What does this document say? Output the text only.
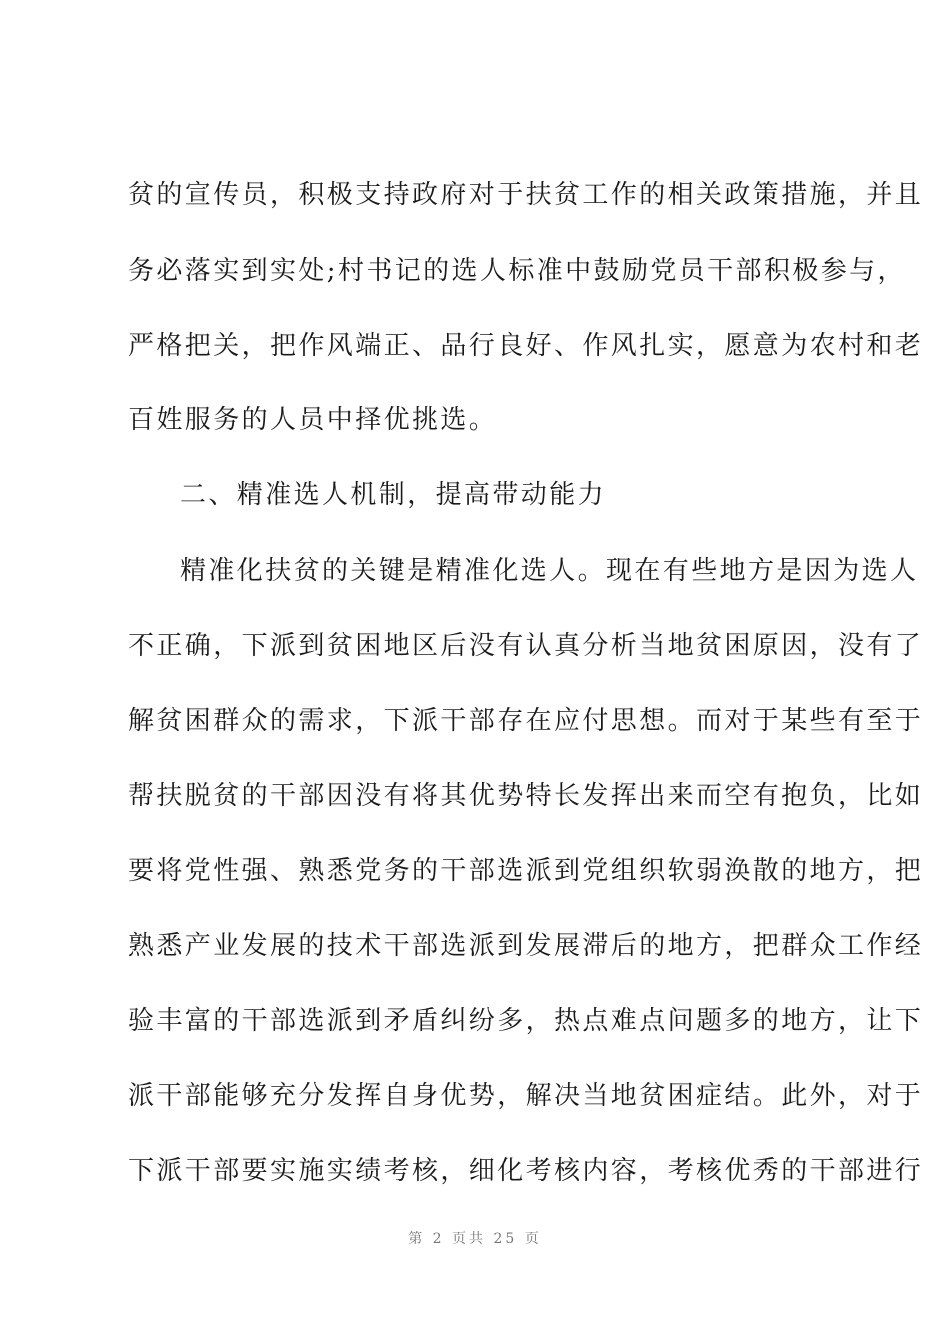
贫的宣传员，积极支持政府对于扶贫工作的相关政策措施，并且
务必落实到实处;村书记的选人标准中鼓励党员干部积极参与，
严格把关，把作风端正、品行良好、作风扎实，愿意为农村和老
百姓服务的人员中择优挑选。
二、精准选人机制，提高带动能力
精准化扶贫的关键是精准化选人。现在有些地方是因为选人
不正确，下派到贫困地区后没有认真分析当地贫困原因，没有了
解贫困群众的需求，下派干部存在应付思想。而对于某些有至于
帮扶脱贫的干部因没有将其优势特长发挥出来而空有抱负，比如
要将党性强、熟悉党务的干部选派到党组织软弱涣散的地方，把
熟悉产业发展的技术干部选派到发展滞后的地方，把群众工作经
验丰富的干部选派到矛盾纠纷多，热点难点问题多的地方，让下
派干部能够充分发挥自身优势，解决当地贫困症结。此外，对于
下派干部要实施实绩考核，细化考核内容，考核优秀的干部进行
第 2 页共 25 页
